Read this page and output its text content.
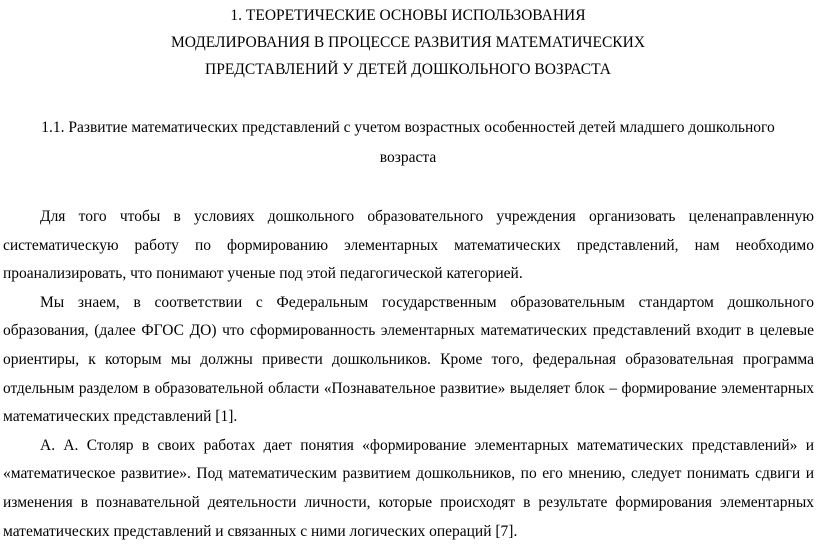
1. ТЕОРЕТИЧЕСКИЕ ОСНОВЫ ИСПОЛЬЗОВАНИЯ
МОДЕЛИРОВАНИЯ В ПРОЦЕССЕ РАЗВИТИЯ МАТЕМАТИЧЕСКИХ
ПРЕДСТАВЛЕНИЙ У ДЕТЕЙ ДОШКОЛЬНОГО ВОЗРАСТА
1.1. Развитие математических представлений с учетом возрастных особенностей детей младшего дошкольного
возраста

Для того чтобы в условиях дошкольного образовательного учреждения организовать целенаправленную
систематическую работу по формированию элементарных математических представлений, нам необходимо
проанализировать, что понимают ученые под этой педагогической категорией.

Мы знаем, в соответствии с Федеральным государственным образовательным стандартом дошкольного
образования, (далее ФГОС ДО) что сформированность элементарных математических представлений входит в целевые
ориентиры, к которым мы должны привести дошкольников. Кроме того, федеральная образовательная программа
отдельным разделом в образовательной области «Познавательное развитие» выделяет блок – формирование элементарных
математических представлений [1].

А. А. Столяр в своих работах дает понятия «формирование элементарных математических представлений» и
«математическое развитие». Под математическим развитием дошкольников, по его мнению, следует понимать сдвиги и
изменения в познавательной деятельности личности, которые происходят в результате формирования элементарных
математических представлений и связанных с ними логических операций [7].
